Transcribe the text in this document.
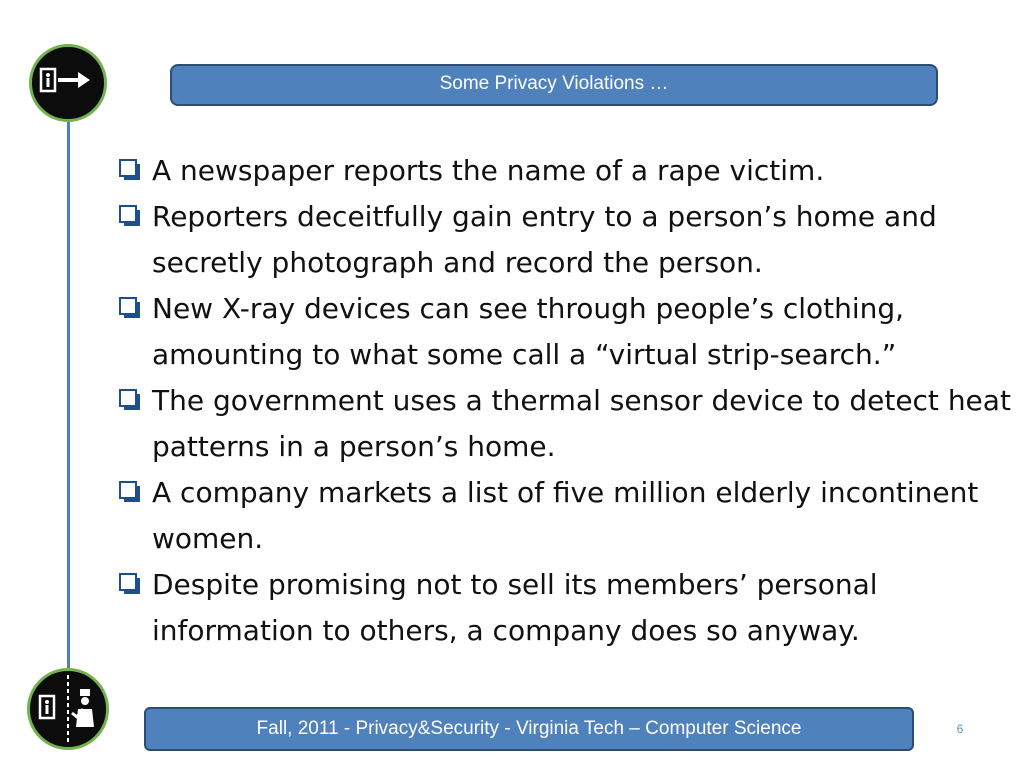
Some Privacy Violations …
A newspaper reports the name of a rape victim.
Reporters deceitfully gain entry to a person’s home and secretly photograph and record the person.
New X-ray devices can see through people’s clothing, amounting to what some call a “virtual strip-search.”
The government uses a thermal sensor device to detect heat patterns in a person’s home.
A company markets a list of five million elderly incontinent women.
Despite promising not to sell its members’ personal information to others, a company does so anyway.
Fall, 2011 - Privacy&Security - Virginia Tech – Computer Science	6
